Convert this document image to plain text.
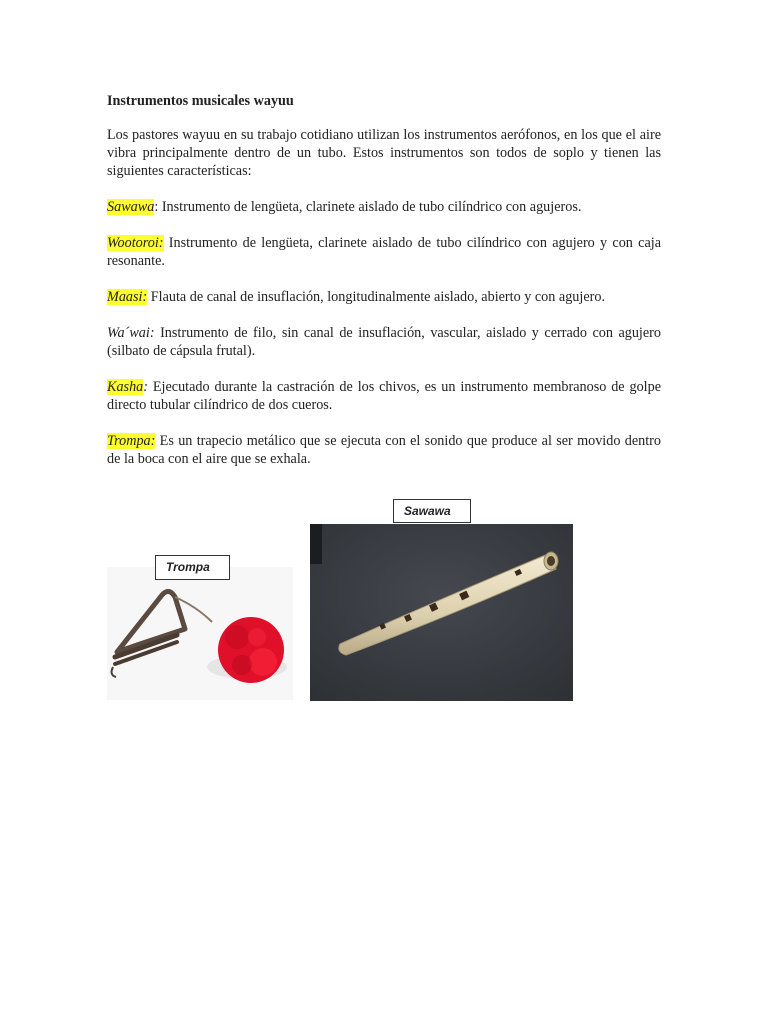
Instrumentos musicales wayuu

Los pastores wayuu en su trabajo cotidiano utilizan los instrumentos aerófonos, en los que el aire vibra principalmente dentro de un tubo. Estos instrumentos son todos de soplo y tienen las siguientes características:

Sawawa: Instrumento de lengüeta, clarinete aislado de tubo cilíndrico con agujeros.

Wootoroi: Instrumento de lengüeta, clarinete aislado de tubo cilíndrico con agujero y con caja resonante.

Maasi: Flauta de canal de insuflación, longitudinalmente aislado, abierto y con agujero.

Wa´wai: Instrumento de filo, sin canal de insuflación, vascular, aislado y cerrado con agujero (silbato de cápsula frutal).

Kasha: Ejecutado durante la castración de los chivos, es un instrumento membranoso de golpe directo tubular cilíndrico de dos cueros.

Trompa: Es un trapecio metálico que se ejecuta con el sonido que produce al ser movido dentro de la boca con el aire que se exhala.

Sawawa
Trompa
